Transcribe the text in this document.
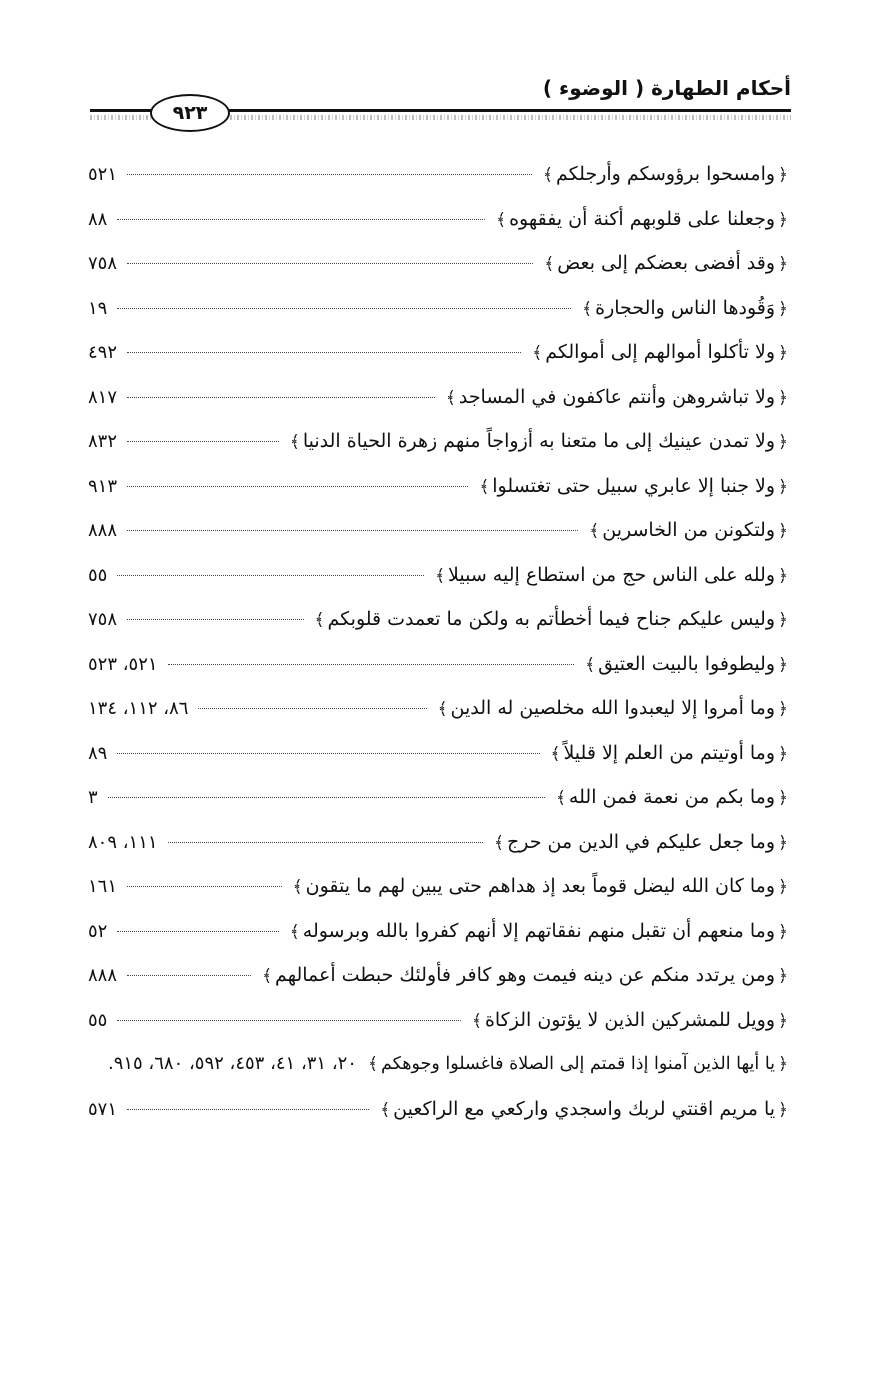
أحكام الطهارة ( الوضوء )
٩٢٣
﴿وامسحوا برؤوسكم وأرجلكم﴾
٥٢١
﴿وجعلنا على قلوبهم أكنة أن يفقهوه﴾
٨٨
﴿وقد أفضى بعضكم إلى بعض﴾
٧٥٨
﴿وَقُودها الناس والحجارة﴾
١٩
﴿ولا تأكلوا أموالهم إلى أموالكم﴾
٤٩٢
﴿ولا تباشروهن وأنتم عاكفون في المساجد﴾
٨١٧
﴿ولا تمدن عينيك إلى ما متعنا به أزواجاً منهم زهرة الحياة الدنيا﴾
٨٣٢
﴿ولا جنبا إلا عابري سبيل حتى تغتسلوا﴾
٩١٣
﴿ولتكونن من الخاسرين﴾
٨٨٨
﴿ولله على الناس حج من استطاع إليه سبيلا﴾
٥٥
﴿وليس عليكم جناح فيما أخطأتم به ولكن ما تعمدت قلوبكم﴾
٧٥٨
﴿وليطوفوا بالبيت العتيق﴾
٥٢١، ٥٢٣
﴿وما أمروا إلا ليعبدوا الله مخلصين له الدين﴾
٨٦، ١١٢، ١٣٤
﴿وما أوتيتم من العلم إلا قليلاً﴾
٨٩
﴿وما بكم من نعمة فمن الله﴾
٣
﴿وما جعل عليكم في الدين من حرج﴾
١١١، ٨٠٩
﴿وما كان الله ليضل قوماً بعد إذ هداهم حتى يبين لهم ما يتقون﴾
١٦١
﴿وما منعهم أن تقبل منهم نفقاتهم إلا أنهم كفروا بالله وبرسوله﴾
٥٢
﴿ومن يرتدد منكم عن دينه فيمت وهو كافر فأولئك حبطت أعمالهم﴾
٨٨٨
﴿وويل للمشركين الذين لا يؤتون الزكاة﴾
٥٥
﴿يا أيها الذين آمنوا إذا قمتم إلى الصلاة فاغسلوا وجوهكم﴾
٢٠، ٣١، ٤١، ٤٥٣، ٥٩٢، ٦٨٠، ٩١٥.
﴿يا مريم اقنتي لربك واسجدي واركعي مع الراكعين﴾
٥٧١
